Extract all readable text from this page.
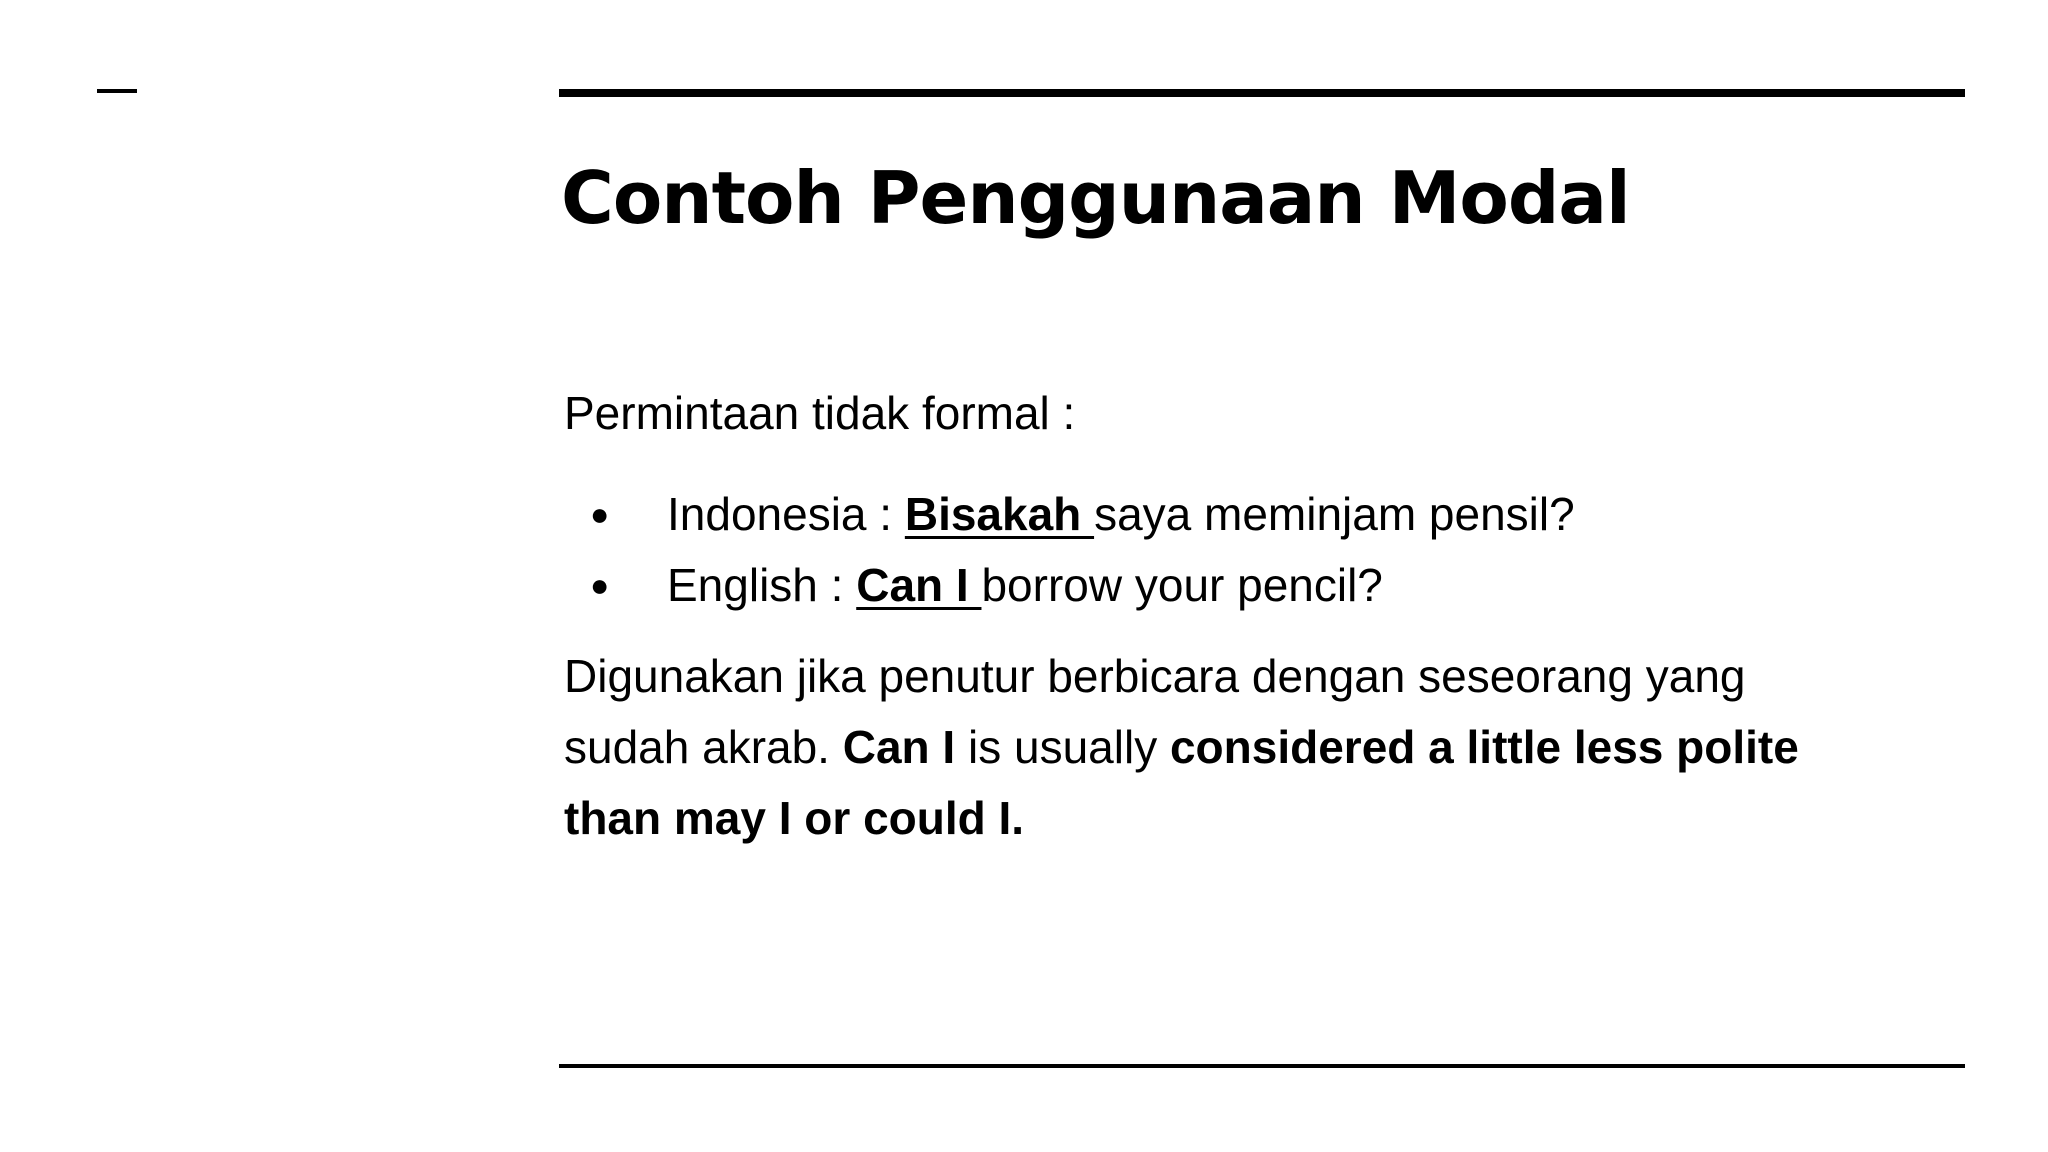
Contoh Penggunaan Modal

Permintaan tidak formal :

● Indonesia : Bisakah saya meminjam pensil?
● English : Can I borrow your pencil?

Digunakan jika penutur berbicara dengan seseorang yang sudah akrab. Can I is usually considered a little less polite than may I or could I.
